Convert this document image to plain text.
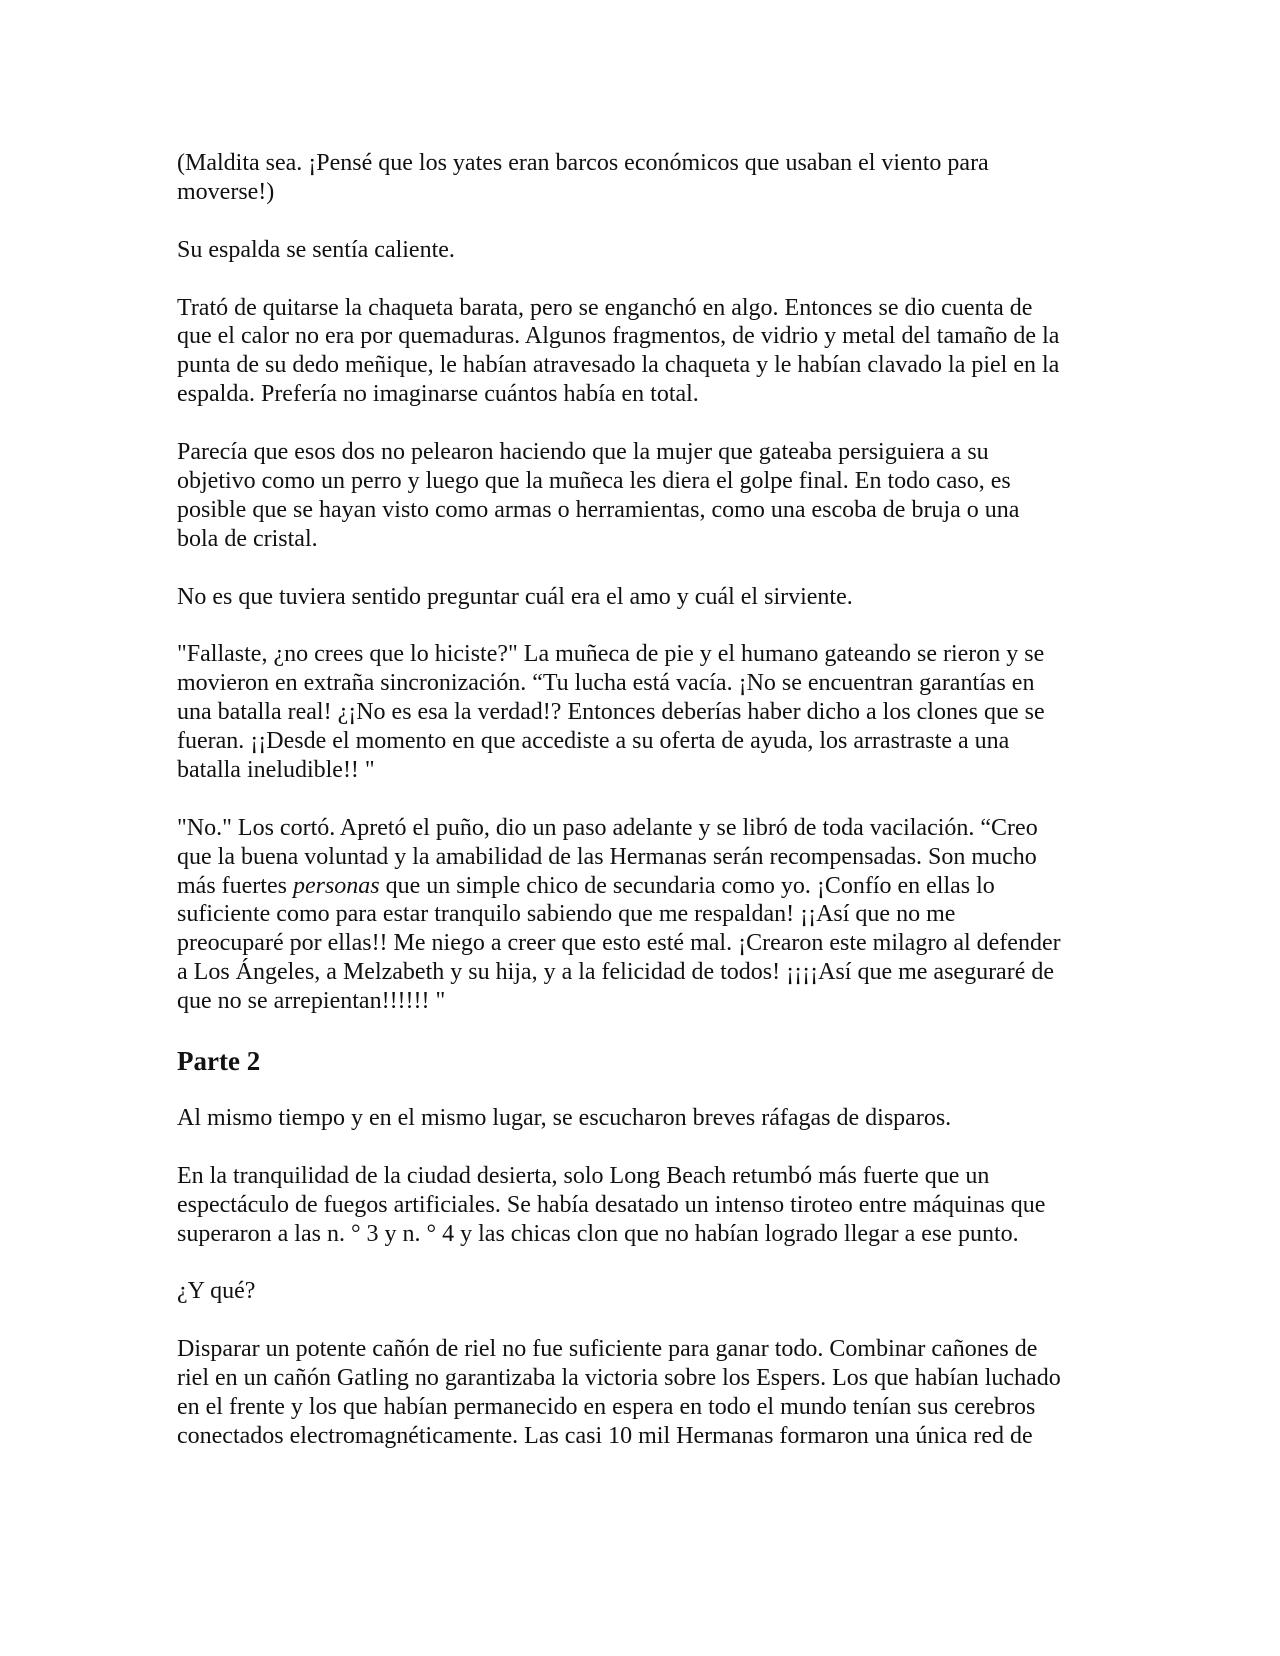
(Maldita sea. ¡Pensé que los yates eran barcos económicos que usaban el viento para
moverse!)

Su espalda se sentía caliente.

Trató de quitarse la chaqueta barata, pero se enganchó en algo. Entonces se dio cuenta de
que el calor no era por quemaduras. Algunos fragmentos, de vidrio y metal del tamaño de la
punta de su dedo meñique, le habían atravesado la chaqueta y le habían clavado la piel en la
espalda. Prefería no imaginarse cuántos había en total.

Parecía que esos dos no pelearon haciendo que la mujer que gateaba persiguiera a su
objetivo como un perro y luego que la muñeca les diera el golpe final. En todo caso, es
posible que se hayan visto como armas o herramientas, como una escoba de bruja o una
bola de cristal.

No es que tuviera sentido preguntar cuál era el amo y cuál el sirviente.

"Fallaste, ¿no crees que lo hiciste?" La muñeca de pie y el humano gateando se rieron y se
movieron en extraña sincronización. “Tu lucha está vacía. ¡No se encuentran garantías en
una batalla real! ¿¡No es esa la verdad!? Entonces deberías haber dicho a los clones que se
fueran. ¡¡Desde el momento en que accediste a su oferta de ayuda, los arrastraste a una
batalla ineludible!! "

"No." Los cortó. Apretó el puño, dio un paso adelante y se libró de toda vacilación. “Creo
que la buena voluntad y la amabilidad de las Hermanas serán recompensadas. Son mucho
más fuertes personas que un simple chico de secundaria como yo. ¡Confío en ellas lo
suficiente como para estar tranquilo sabiendo que me respaldan! ¡¡Así que no me
preocuparé por ellas!! Me niego a creer que esto esté mal. ¡Crearon este milagro al defender
a Los Ángeles, a Melzabeth y su hija, y a la felicidad de todos! ¡¡¡¡Así que me aseguraré de
que no se arrepientan!!!!!! "

Parte 2

Al mismo tiempo y en el mismo lugar, se escucharon breves ráfagas de disparos.

En la tranquilidad de la ciudad desierta, solo Long Beach retumbó más fuerte que un
espectáculo de fuegos artificiales. Se había desatado un intenso tiroteo entre máquinas que
superaron a las n. ° 3 y n. ° 4 y las chicas clon que no habían logrado llegar a ese punto.

¿Y qué?

Disparar un potente cañón de riel no fue suficiente para ganar todo. Combinar cañones de
riel en un cañón Gatling no garantizaba la victoria sobre los Espers. Los que habían luchado
en el frente y los que habían permanecido en espera en todo el mundo tenían sus cerebros
conectados electromagnéticamente. Las casi 10 mil Hermanas formaron una única red de
